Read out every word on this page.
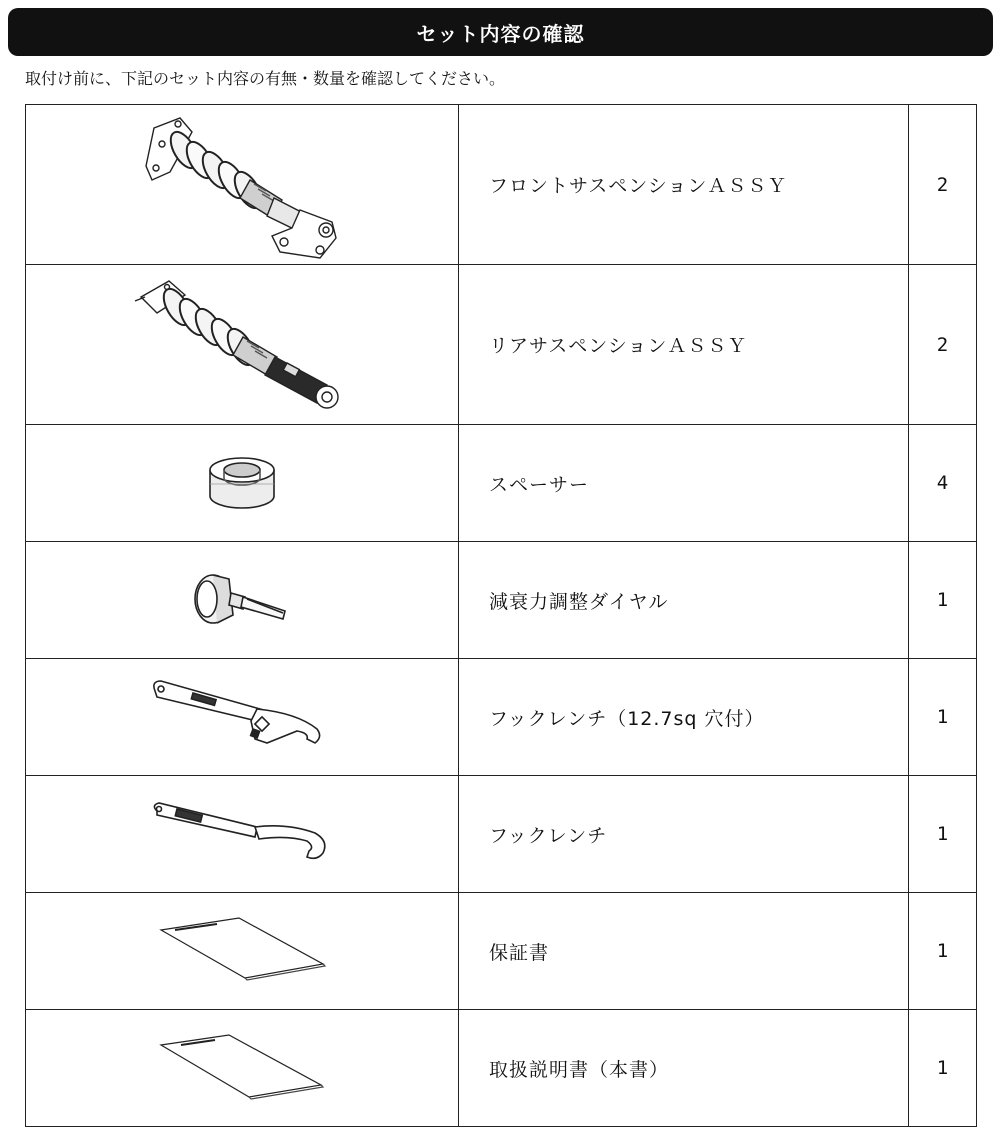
セット内容の確認
取付け前に、下記のセット内容の有無・数量を確認してください。
	フロントサスペンションＡＳＳＹ	2

	リアサスペンションＡＳＳＹ	2

	スペーサー	4

	減衰力調整ダイヤル	1

	フックレンチ（12.7sq 穴付）	1

	フックレンチ	1

	保証書	1

	取扱説明書（本書）	1
